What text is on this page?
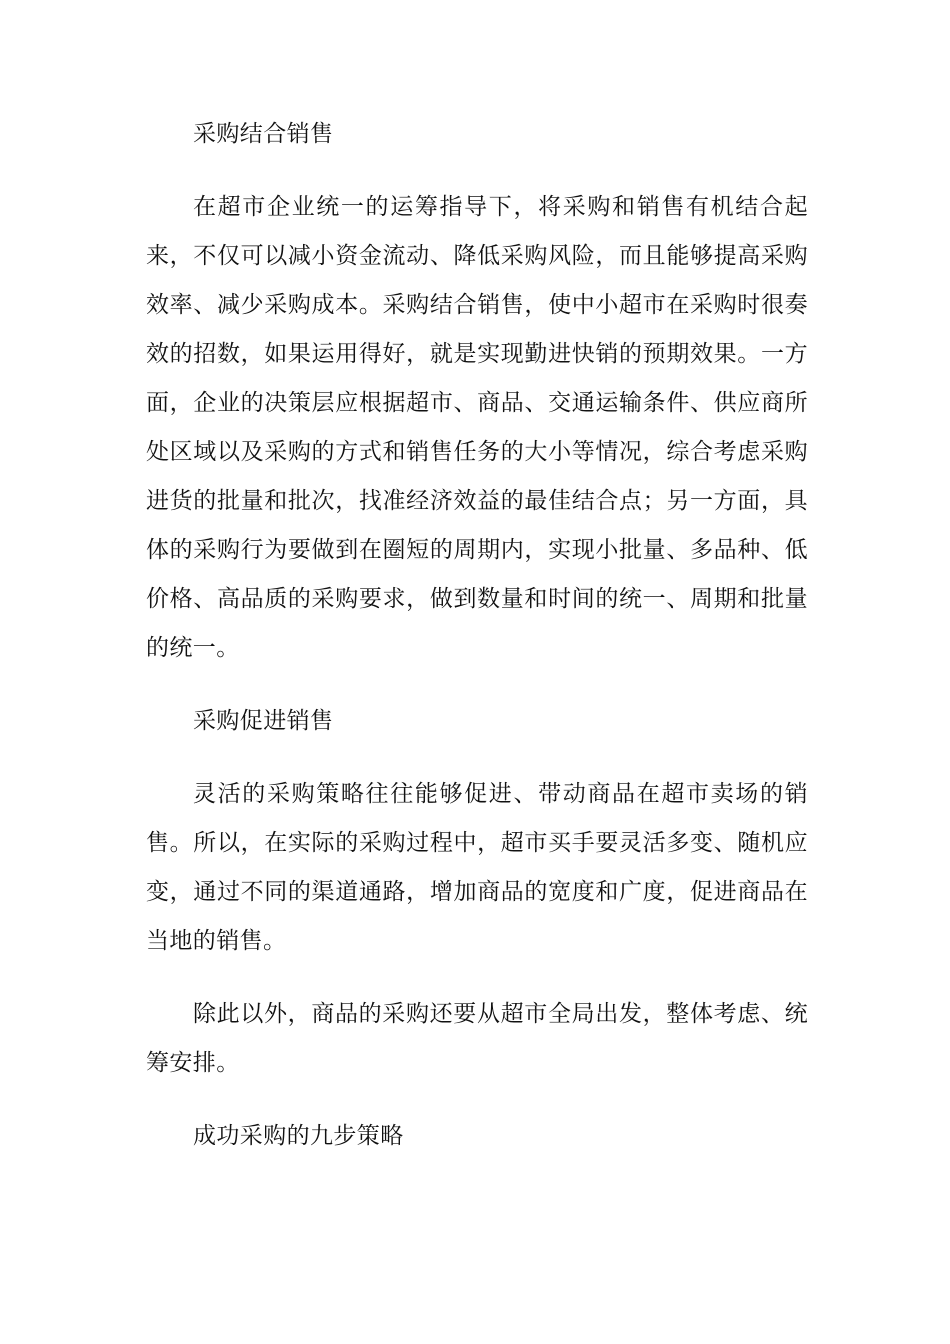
采购结合销售

在超市企业统一的运筹指导下，将采购和销售有机结合起来，不仅可以减小资金流动、降低采购风险，而且能够提高采购效率、减少采购成本。采购结合销售，使中小超市在采购时很奏效的招数，如果运用得好，就是实现勤进快销的预期效果。一方面，企业的决策层应根据超市、商品、交通运输条件、供应商所处区域以及采购的方式和销售任务的大小等情况，综合考虑采购进货的批量和批次，找准经济效益的最佳结合点；另一方面，具体的采购行为要做到在圈短的周期内，实现小批量、多品种、低价格、高品质的采购要求，做到数量和时间的统一、周期和批量的统一。

采购促进销售

灵活的采购策略往往能够促进、带动商品在超市卖场的销售。所以，在实际的采购过程中，超市买手要灵活多变、随机应变，通过不同的渠道通路，增加商品的宽度和广度，促进商品在当地的销售。

除此以外，商品的采购还要从超市全局出发，整体考虑、统筹安排。

成功采购的九步策略
